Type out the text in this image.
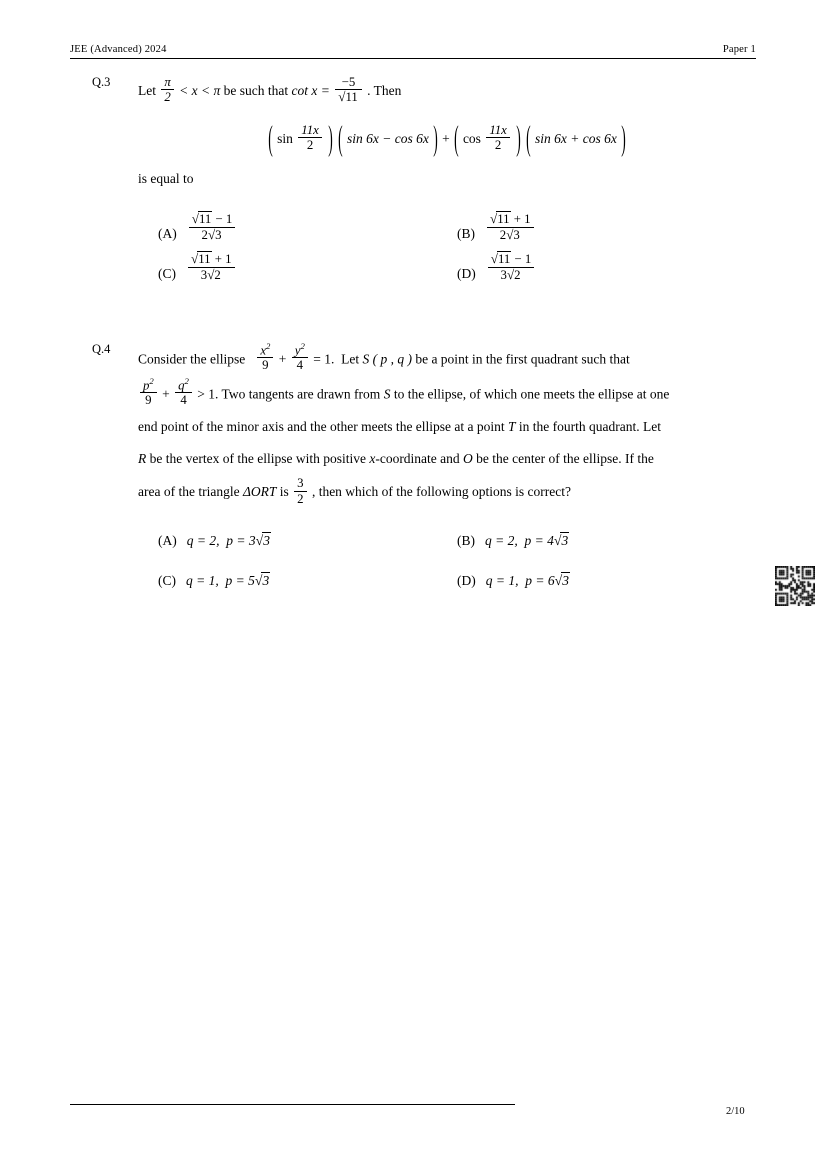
JEE (Advanced) 2024	Paper 1
Q.3
Let $\frac{\pi}{2} < x < \pi$ be such that $\cot x = \frac{-5}{√11}$ . Then
( $\sin \frac{11x}{2}$ ) ( sin 6x − cos 6x ) + ( $\cos \frac{11x}{2}$ ) ( sin 6x + cos 6x )
is equal to
$(A) \frac{√11 - 1}{2√3}$	$(B) \frac{√11 + 1}{2√3}$
$(C) \frac{√11 + 1}{3√2}$	$(D) \frac{√11 - 1}{3√2}$
Q.4

Consider the ellipse $\frac{x^2}{9} + \frac{y^2}{4} = 1$. Let S ( p , q ) be a point in the first quadrant such that

$\frac{p^2}{9} + \frac{q^2}{4} > 1$. Two tangents are drawn from S to the ellipse, of which one meets the ellipse at one

end point of the minor axis and the other meets the ellipse at a point T in the fourth quadrant. Let

R be the vertex of the ellipse with positive x-coordinate and O be the center of the ellipse. If the

area of the triangle ΔORT is $\frac{3}{2}$ , then which of the following options is correct?

(A) q = 2, p = 3√3	(B) q = 2, p = 4√3
(C) q = 1, p = 5√3	(D) q = 1, p = 6√3
2/10
